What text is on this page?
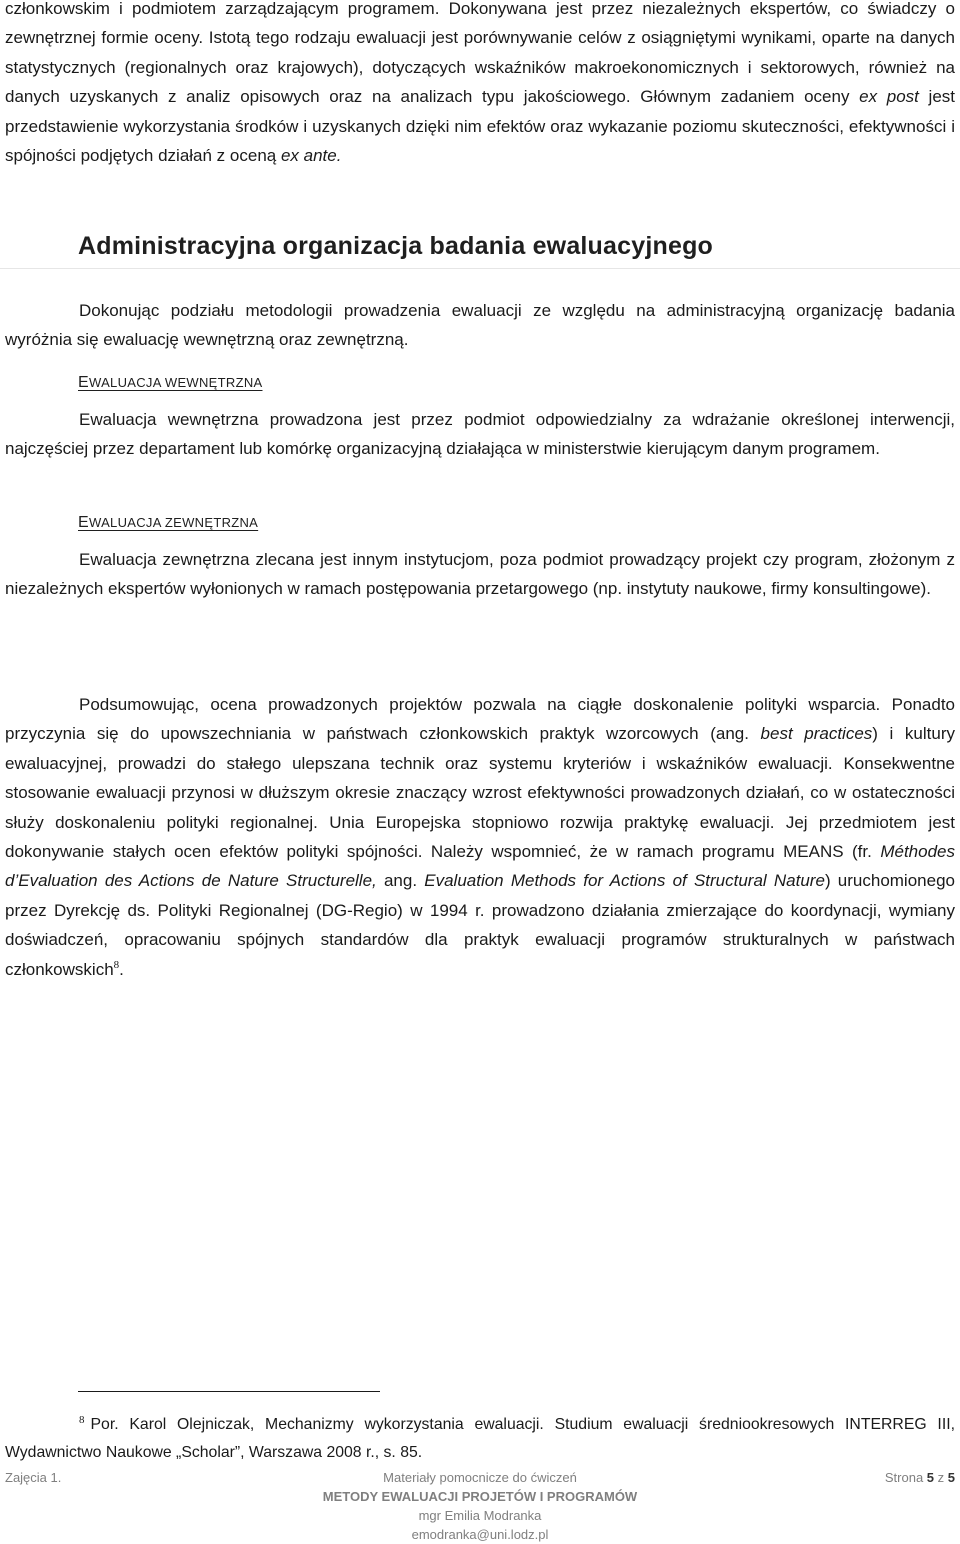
członkowskim i podmiotem zarządzającym programem. Dokonywana jest przez niezależnych ekspertów, co świadczy o zewnętrznej formie oceny. Istotą tego rodzaju ewaluacji jest porównywanie celów z osiągniętymi wynikami, oparte na danych statystycznych (regionalnych oraz krajowych), dotyczących wskaźników makroekonomicznych i sektorowych, również na danych uzyskanych z analiz opisowych oraz na analizach typu jakościowego. Głównym zadaniem oceny ex post jest przedstawienie wykorzystania środków i uzyskanych dzięki nim efektów oraz wykazanie poziomu skuteczności, efektywności i spójności podjętych działań z oceną ex ante.

Administracyjna organizacja badania ewaluacyjnego

Dokonując podziału metodologii prowadzenia ewaluacji ze względu na administracyjną organizację badania wyróżnia się ewaluację wewnętrzną oraz zewnętrzną.

EWALUACJA WEWNĘTRZNA

Ewaluacja wewnętrzna prowadzona jest przez podmiot odpowiedzialny za wdrażanie określonej interwencji, najczęściej przez departament lub komórkę organizacyjną działająca w ministerstwie kierującym danym programem.

EWALUACJA ZEWNĘTRZNA

Ewaluacja zewnętrzna zlecana jest innym instytucjom, poza podmiot prowadzący projekt czy program, złożonym z niezależnych ekspertów wyłonionych w ramach postępowania przetargowego (np. instytuty naukowe, firmy konsultingowe).

Podsumowując, ocena prowadzonych projektów pozwala na ciągłe doskonalenie polityki wsparcia. Ponadto przyczynia się do upowszechniania w państwach członkowskich praktyk wzorcowych (ang. best practices) i kultury ewaluacyjnej, prowadzi do stałego ulepszana technik oraz systemu kryteriów i wskaźników ewaluacji. Konsekwentne stosowanie ewaluacji przynosi w dłuższym okresie znaczący wzrost efektywności prowadzonych działań, co w ostateczności służy doskonaleniu polityki regionalnej. Unia Europejska stopniowo rozwija praktykę ewaluacji. Jej przedmiotem jest dokonywanie stałych ocen efektów polityki spójności. Należy wspomnieć, że w ramach programu MEANS (fr. Méthodes d’Evaluation des Actions de Nature Structurelle, ang. Evaluation Methods for Actions of Structural Nature) uruchomionego przez Dyrekcję ds. Polityki Regionalnej (DG-Regio) w 1994 r. prowadzono działania zmierzające do koordynacji, wymiany doświadczeń, opracowaniu spójnych standardów dla praktyk ewaluacji programów strukturalnych w państwach członkowskich$^8$.

$^8$ Por. Karol Olejniczak, Mechanizmy wykorzystania ewaluacji. Studium ewaluacji średniookresowych INTERREG III, Wydawnictwo Naukowe „Scholar”, Warszawa 2008 r., s. 85.

Zajęcia 1.	Materiały pomocnicze do ćwiczeń	Strona 5 z 5
METODY EWALUACJI PROJETÓW I PROGRAMÓW
mgr Emilia Modranka
emodranka@uni.lodz.pl
